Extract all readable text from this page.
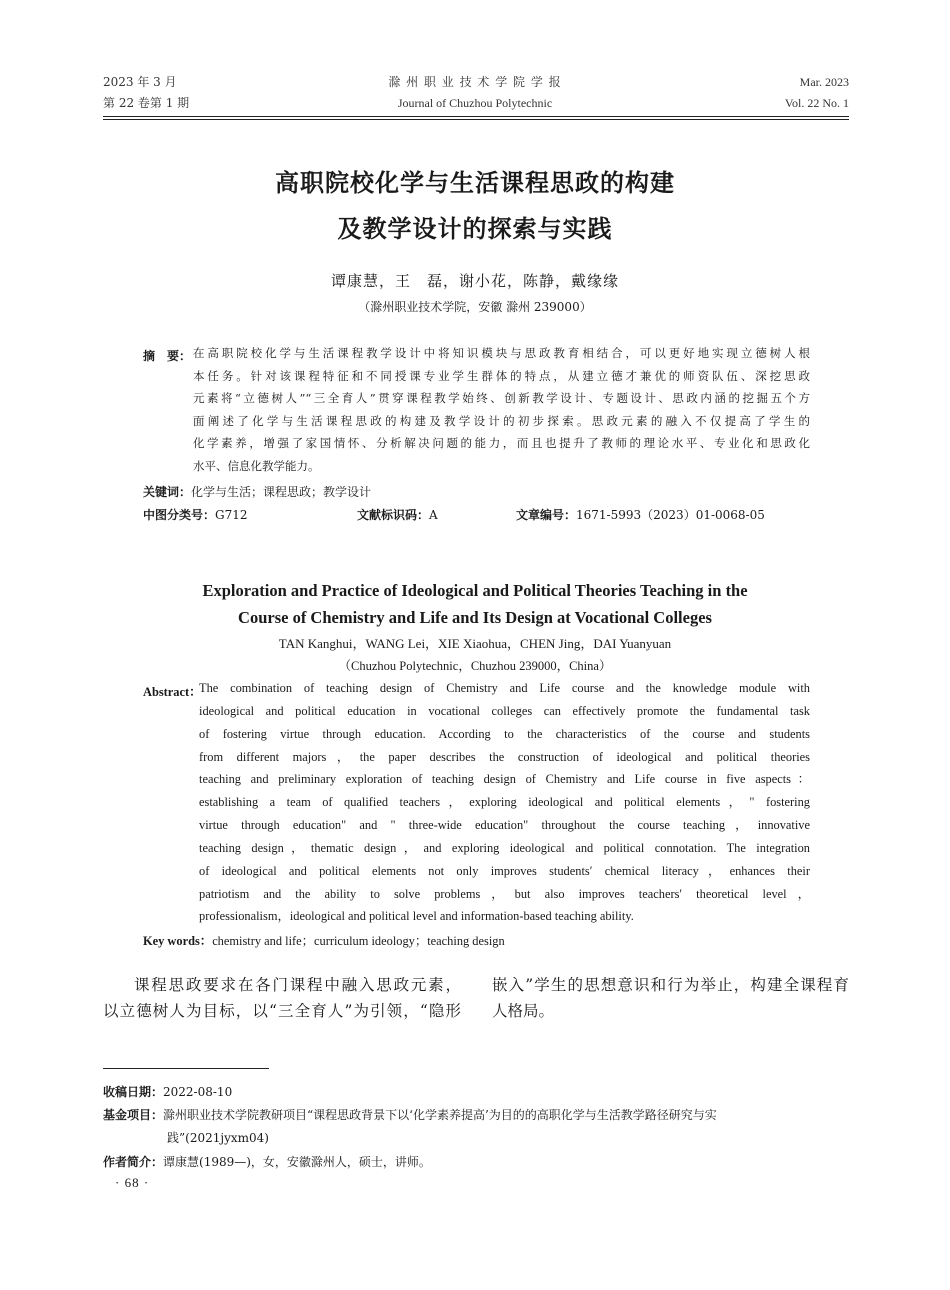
2023 年 3 月
第 22 卷第 1 期
滁 州 职 业 技 术 学 院 学 报
Journal of Chuzhou Polytechnic
Mar. 2023
Vol. 22 No. 1
高职院校化学与生活课程思政的构建
及教学设计的探索与实践
谭康慧，王　磊，谢小花，陈静，戴缘缘
（滁州职业技术学院，安徽 滁州 239000）
摘　要： 在高职院校化学与生活课程教学设计中将知识模块与思政教育相结合，可以更好地实现立德树人根
本任务。针对该课程特征和不同授课专业学生群体的特点，从建立德才兼优的师资队伍、深挖思政
元素将“立德树人”“三全育人”贯穿课程教学始终、创新教学设计、专题设计、思政内涵的挖掘五个方
面阐述了化学与生活课程思政的构建及教学设计的初步探索。思政元素的融入不仅提高了学生的
化学素养，增强了家国情怀、分析解决问题的能力，而且也提升了教师的理论水平、专业化和思政化
水平、信息化教学能力。
关键词：化学与生活；课程思政；教学设计
中图分类号：G712	文献标识码：A	文章编号：1671-5993（2023）01-0068-05
Exploration and Practice of Ideological and Political Theories Teaching in the
Course of Chemistry and Life and Its Design at Vocational Colleges
TAN Kanghui，WANG Lei，XIE Xiaohua，CHEN Jing，DAI Yuanyuan
（Chuzhou Polytechnic，Chuzhou 239000，China）
Abstract：
The combination of teaching design of Chemistry and Life course and the knowledge module with
ideological and political education in vocational colleges can effectively promote the fundamental task
of fostering virtue through education. According to the characteristics of the course and students
from different majors，the paper describes the construction of ideological and political theories
teaching and preliminary exploration of teaching design of Chemistry and Life course in five aspects：
establishing a team of qualified teachers，exploring ideological and political elements，" fostering
virtue through education" and " three-wide education" throughout the course teaching，innovative
teaching design，thematic design，and exploring ideological and political connotation. The integration
of ideological and political elements not only improves students′ chemical literacy，enhances their
patriotism and the ability to solve problems，but also improves teachers′ theoretical level，
professionalism，ideological and political level and information-based teaching ability.
Key words：chemistry and life；curriculum ideology；teaching design
课程思政要求在各门课程中融入思政元素，
以立德树人为目标，以“三全育人”为引领，“隐形
嵌入”学生的思想意识和行为举止，构建全课程育
人格局。
收稿日期：2022-08-10
基金项目：滁州职业技术学院教研项目“课程思政背景下以‘化学素养提高’为目的的高职化学与生活教学路径研究与实
践”(2021jyxm04)
作者简介：谭康慧(1989—)，女，安徽滁州人，硕士，讲师。
· 68 ·
